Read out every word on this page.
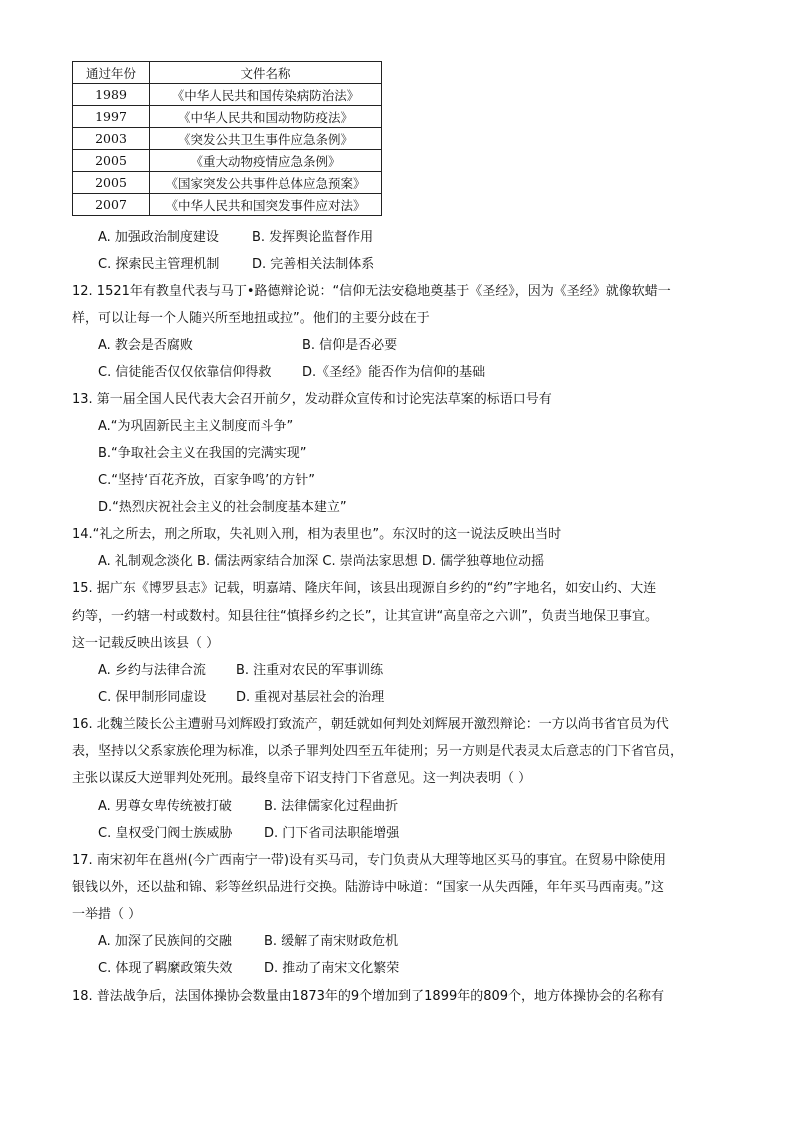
通过年份	文件名称
1989	《中华人民共和国传染病防治法》
1997	《中华人民共和国动物防疫法》
2003	《突发公共卫生事件应急条例》
2005	《重大动物疫情应急条例》
2005	《国家突发公共事件总体应急预案》
2007	《中华人民共和国突发事件应对法》
A. 加强政治制度建设	B. 发挥舆论监督作用
C. 探索民主管理机制	D. 完善相关法制体系
12. 1521年有教皇代表与马丁•路德辩论说：“信仰无法安稳地奠基于《圣经》，因为《圣经》就像软蜡一
样，可以让每一个人随兴所至地扭或拉”。他们的主要分歧在于
A. 教会是否腐败	B. 信仰是否必要
C. 信徒能否仅仅依靠信仰得救 D.《圣经》能否作为信仰的基础
13. 第一届全国人民代表大会召开前夕，发动群众宣传和讨论宪法草案的标语口号有
A.“为巩固新民主主义制度而斗争”
B.“争取社会主义在我国的完满实现”
C.“坚持‘百花齐放，百家争鸣’的方针”
D.“热烈庆祝社会主义的社会制度基本建立”
14.“礼之所去，刑之所取，失礼则入刑，相为表里也”。东汉时的这一说法反映出当时
A. 礼制观念淡化 B. 儒法两家结合加深 C. 崇尚法家思想 D. 儒学独尊地位动摇
15. 据广东《博罗县志》记载，明嘉靖、隆庆年间，该县出现源自乡约的“约”字地名，如安山约、大连
约等，一约辖一村或数村。知县往往“慎择乡约之长”，让其宣讲“高皇帝之六训”，负责当地保卫事宜。
这一记载反映出该县（ ）
A. 乡约与法律合流 B. 注重对农民的军事训练
C. 保甲制形同虚设 D. 重视对基层社会的治理
16. 北魏兰陵长公主遭驸马刘辉殴打致流产，朝廷就如何判处刘辉展开激烈辩论：一方以尚书省官员为代
表，坚持以父系家族伦理为标准，以杀子罪判处四至五年徒刑；另一方则是代表灵太后意志的门下省官员，
主张以谋反大逆罪判处死刑。最终皇帝下诏支持门下省意见。这一判决表明（ ）
A. 男尊女卑传统被打破 B. 法律儒家化过程曲折
C. 皇权受门阀士族威胁 D. 门下省司法职能增强
17. 南宋初年在邕州(今广西南宁一带)设有买马司，专门负责从大理等地区买马的事宜。在贸易中除使用
银钱以外，还以盐和锦、彩等丝织品进行交换。陆游诗中咏道：“国家一从失西陲，年年买马西南夷。”这
一举措（ ）
A. 加深了民族间的交融 B. 缓解了南宋财政危机
C. 体现了羁縻政策失效 D. 推动了南宋文化繁荣
18. 普法战争后，法国体操协会数量由1873年的9个增加到了1899年的809个，地方体操协会的名称有
